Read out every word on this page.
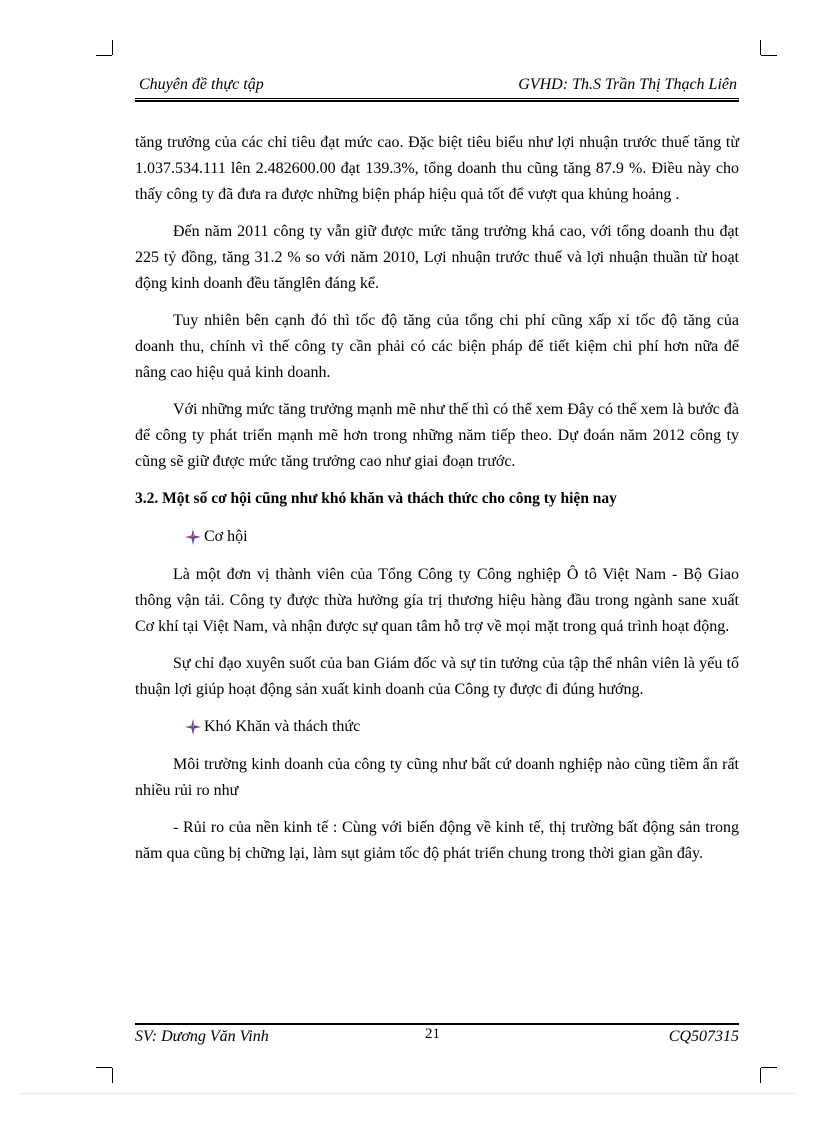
Chuyên đề thực tập	GVHD: Th.S Trần Thị Thạch Liên

tăng trưởng của các chỉ tiêu đạt mức cao. Đặc biệt tiêu biểu như lợi nhuận trước thuế tăng từ 1.037.534.111 lên 2.482600.00 đạt 139.3%, tổng doanh thu cũng tăng 87.9 %. Điều này cho thấy công ty đã đưa ra được những biện pháp hiệu quả tốt để vượt qua khủng hoảng .

Đến năm 2011 công ty vẫn giữ được mức tăng trưởng khá cao, với tổng doanh thu đạt 225 tỷ đồng, tăng 31.2 % so với năm 2010, Lợi nhuận trước thuế và lợi nhuận thuần từ hoạt động kinh doanh đều tănglên đáng kể.

Tuy nhiên bên cạnh đó thì tốc độ tăng của tổng chi phí cũng xấp xỉ tốc độ tăng của doanh thu, chính vì thế công ty cần phải có các biện pháp để tiết kiệm chi phí hơn nữa để nâng cao hiệu quả kinh doanh.

Với những mức tăng trưởng mạnh mẽ như thế thì có thể xem Đây có thể xem là bước đà để công ty phát triển mạnh mẽ hơn trong những năm tiếp theo. Dự đoán năm 2012 công ty cũng sẽ giữ được mức tăng trưởng cao như giai đoạn trước.

3.2. Một số cơ hội cũng như khó khăn và thách thức cho công ty hiện nay
Cơ hội

Là một đơn vị thành viên của Tổng Công ty Công nghiệp Ô tô Việt Nam - Bộ Giao thông vận tải. Công ty được thừa hưởng gía trị thương hiệu hàng đầu trong ngành sane xuất Cơ khí tại Việt Nam, và nhận được sự quan tâm hỗ trợ về mọi mặt trong quá trình hoạt động.

Sự chỉ đạo xuyên suốt của ban Giám đốc và sự tin tưởng của tập thể nhân viên là yếu tố thuận lợi giúp hoạt động sản xuất kinh doanh của Công ty được đi đúng hướng.

Khó Khăn và thách thức

Môi trường kinh doanh của công ty cũng như bất cứ doanh nghiệp nào cũng tiềm ẩn rất nhiều rủi ro như

- Rủi ro của nền kinh tế : Cùng với biến động về kinh tế, thị trường bất động sản trong năm qua cũng bị chững lại, làm sụt giảm tốc độ phát triển chung trong thời gian gần đây.

SV: Dương Văn Vinh	21	CQ507315
